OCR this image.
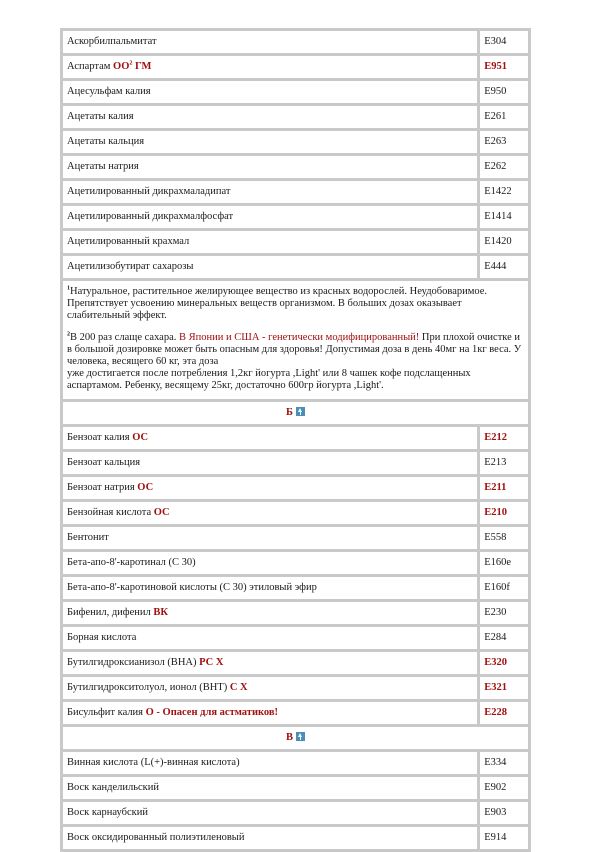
Аскорбилпальмитат	E304
Аспартам $ОО^2$ ГМ	E951
Ацесульфам калия	E950
Ацетаты калия	E261
Ацетаты кальция	E263
Ацетаты натрия	E262
Ацетилированный дикрахмаладипат	E1422
Ацетилированный дикрахмалфосфат	E1414
Ацетилированный крахмал	E1420
Ацетилизобутират сахарозы	E444

$^1$Натуральное, растительное желирующее вещество из красных водорослей. Неудобоваримое. Препятствует усвоению минеральных веществ организмом. В больших дозах оказывает слабительный эффект.

$^2$В 200 раз слаще сахара. В Японии и США - генетически модифицированный! При плохой очистке и в большой дозировке может быть опасным для здоровья! Допустимая доза в день 40мг на 1кг веса. У человека, весящего 60 кг, эта доза
уже достигается после потребления 1,2кг йогурта ,Light' или 8 чашек кофе подслащенных аспартамом. Ребенку, весящему 25кг, достаточно 600гр йогурта ,Light'.	

Б	
Бензоат калия ОС	E212
Бензоат кальция	E213
Бензоат натрия ОС	E211
Бензойная кислота ОС	E210
Бентонит	E558
Бета-апо-8'-каротинал (С 30)	E160e
Бета-апо-8'-каротиновой кислоты (С 30) этиловый эфир	E160f
Бифенил, дифенил ВК	E230
Борная кислота	E284
Бутилгидроксианизол (ВНА) РС Х	E320
Бутилгидрокситолуол, ионол (ВНТ) С Х	E321
Бисульфит калия О - Опасен для астматиков!	E228
В	
Винная кислота (L(+)-винная кислота)	E334
Воск канделильский	E902
Воск карнаубский	E903
Воск оксидированный полиэтиленовый	E914
